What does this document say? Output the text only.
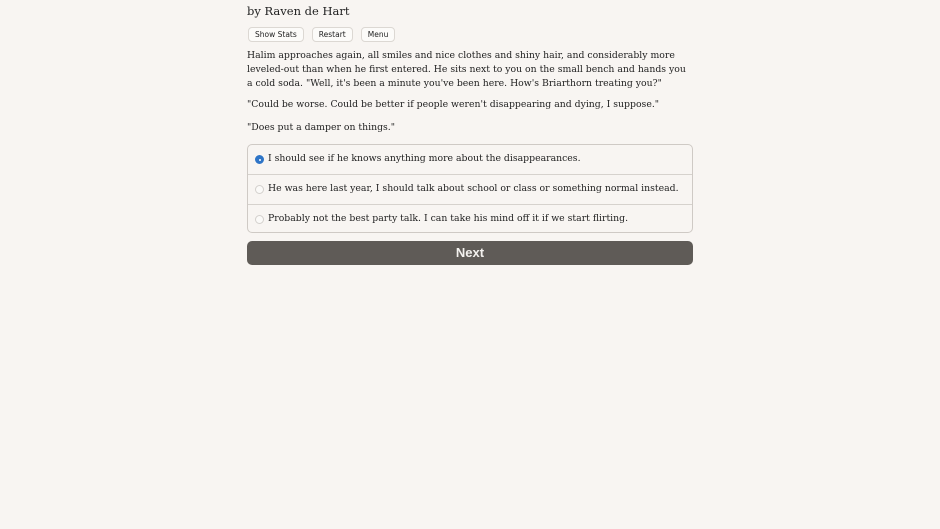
by Raven de Hart
Show Stats	Restart	Menu

Halim approaches again, all smiles and nice clothes and shiny hair, and considerably more leveled-out than when he first entered. He sits next to you on the small bench and hands you a cold soda. "Well, it's been a minute you've been here. How's Briarthorn treating you?"

"Could be worse. Could be better if people weren't disappearing and dying, I suppose."

"Does put a damper on things."

I should see if he knows anything more about the disappearances.
He was here last year, I should talk about school or class or something normal instead.
Probably not the best party talk. I can take his mind off it if we start flirting.
Next
